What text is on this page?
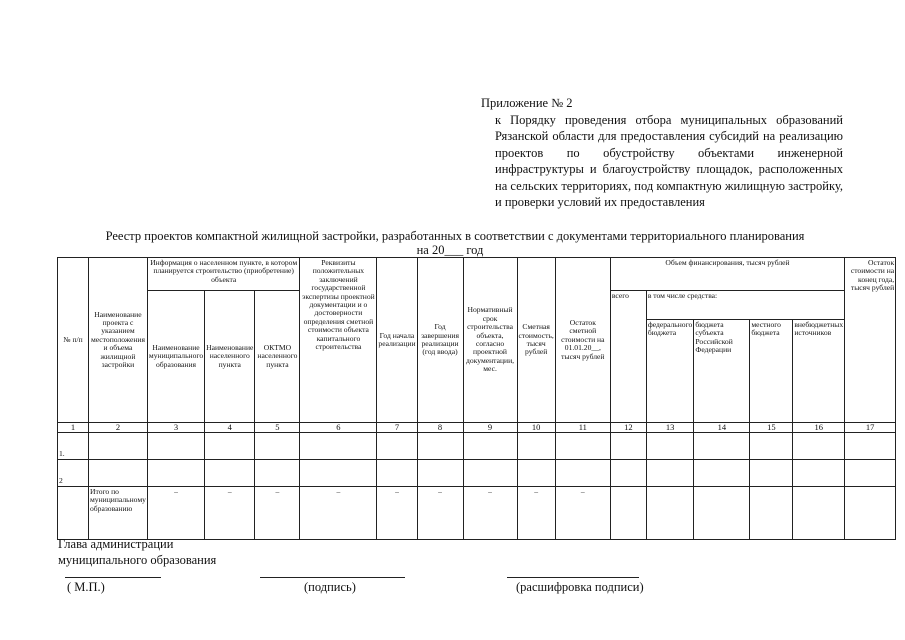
Приложение № 2

к Порядку проведения отбора муниципальных образований Рязанской области для предоставления субсидий на реализацию проектов по обустройству объектами инженерной инфраструктуры и благоустройству площадок, расположенных на сельских территориях, под компактную жилищную застройку, и проверки условий их предоставления

Реестр проектов компактной жилищной застройки, разработанных в соответствии с документами территориального планирования
на 20___ год
№ п/п	Наименование проекта с указанием местоположения и объема жилищной застройки	Информация о населенном пункте, в котором планируется строительство (приобретение) объекта			Реквизиты положительных заключений государственной экспертизы проектной документации и о достоверности определения сметной стоимости объекта капитального строительства	Год начала реализации	Год завершения реализации (год ввода)	Нормативный срок строительства объекта, согласно проектной документации, мес.	Сметная стоимость, тысяч рублей	Остаток сметной стоимости на 01.01.20__, тысяч рублей	Объем финансирования, тысяч рублей					Остаток стоимости на конец года, тысяч рублей
		Наименование муниципального образования	Наименование населенного пункта	ОКТМО населенного пункта							всего	в том числе средства:				
												федерального бюджета	бюджета субъекта Российской Федерации	местного бюджета	внебюджетных источников	
1	2	3	4	5	6	7	8	9	10	11	12	13	14	15	16	17
1.																
2																
	Итого по муниципальному образованию	–	–	–	–	–	–	–	–	–						
Глава администрации
муниципального образования
( М.П.)	(подпись)	(расшифровка подписи)
